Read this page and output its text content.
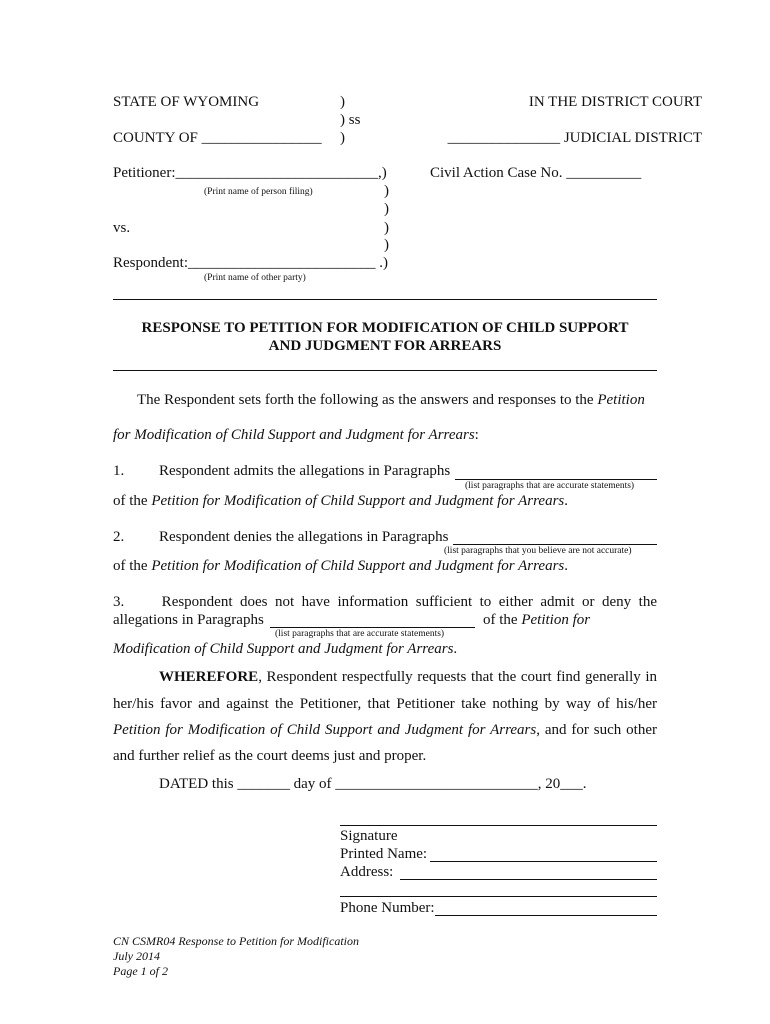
STATE OF WYOMING
COUNTY OF ________________
)
) ss
)
IN THE DISTRICT COURT
_______________ JUDICIAL DISTRICT
Petitioner:___________________________,)
(Print name of person filing)
Civil Action Case No. __________
)
)
vs.	)
)
Respondent:_________________________ .)
(Print name of other party)
RESPONSE TO PETITION FOR MODIFICATION OF CHILD SUPPORT
AND JUDGMENT FOR ARREARS
The Respondent sets forth the following as the answers and responses to the Petition
for Modification of Child Support and Judgment for Arrears:
1. Respondent admits the allegations in Paragraphs
(list paragraphs that are accurate statements)
of the Petition for Modification of Child Support and Judgment for Arrears.
2. Respondent denies the allegations in Paragraphs
(list paragraphs that you believe are not accurate)
of the Petition for Modification of Child Support and Judgment for Arrears.
3.     Respondent does not have information sufficient to either admit or deny the
allegations in Paragraphs	of the Petition for
(list paragraphs that are accurate statements)
Modification of Child Support and Judgment for Arrears.
WHEREFORE, Respondent respectfully requests that the court find generally in
her/his favor and against the Petitioner, that Petitioner take nothing by way of his/her
Petition for Modification of Child Support and Judgment for Arrears, and for such other
and further relief as the court deems just and proper.
DATED this _______ day of ___________________________, 20___.
Signature
Printed Name:
Address:
Phone Number:
CN CSMR04 Response to Petition for Modification
July 2014
Page 1 of 2
